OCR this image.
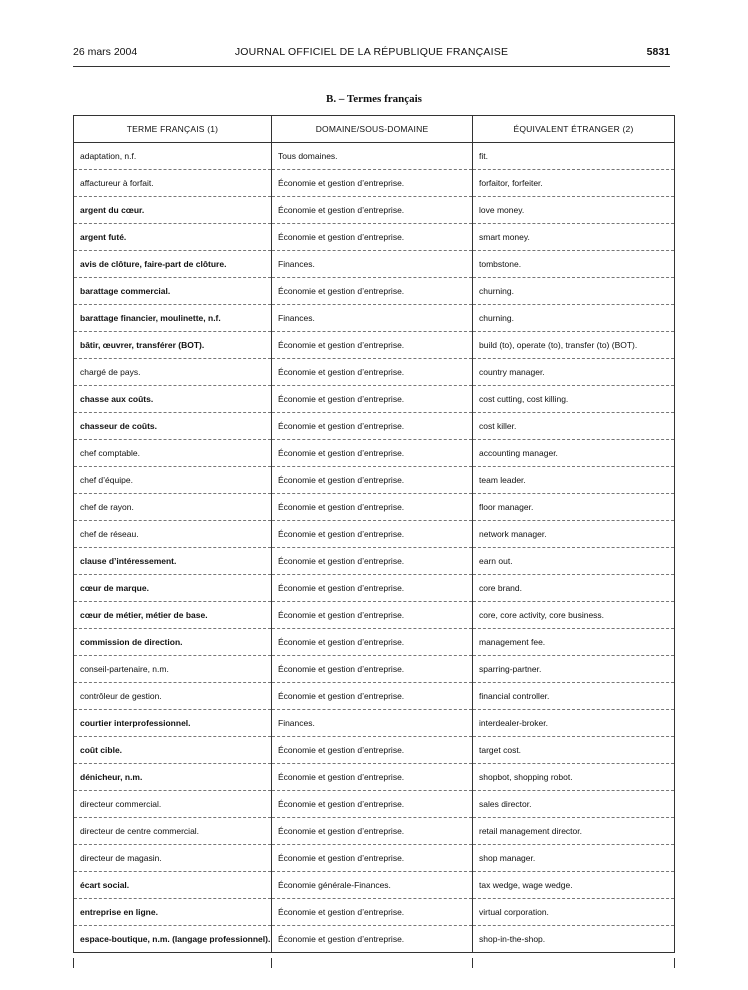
26 mars 2004	JOURNAL OFFICIEL DE LA RÉPUBLIQUE FRANÇAISE	5831
B. – Termes français
TERME FRANÇAIS (1)	DOMAINE/SOUS-DOMAINE	ÉQUIVALENT ÉTRANGER (2)
adaptation, n.f.	Tous domaines.	fit.
affactureur à forfait.	Économie et gestion d’entreprise.	forfaitor, forfeiter.
argent du cœur.	Économie et gestion d’entreprise.	love money.
argent futé.	Économie et gestion d’entreprise.	smart money.
avis de clôture, faire-part de clôture.	Finances.	tombstone.
barattage commercial.	Économie et gestion d’entreprise.	churning.
barattage financier, moulinette, n.f.	Finances.	churning.
bâtir, œuvrer, transférer (BOT).	Économie et gestion d’entreprise.	build (to), operate (to), transfer (to) (BOT).
chargé de pays.	Économie et gestion d’entreprise.	country manager.
chasse aux coûts.	Économie et gestion d’entreprise.	cost cutting, cost killing.
chasseur de coûts.	Économie et gestion d’entreprise.	cost killer.
chef comptable.	Économie et gestion d’entreprise.	accounting manager.
chef d’équipe.	Économie et gestion d’entreprise.	team leader.
chef de rayon.	Économie et gestion d’entreprise.	floor manager.
chef de réseau.	Économie et gestion d’entreprise.	network manager.
clause d’intéressement.	Économie et gestion d’entreprise.	earn out.
cœur de marque.	Économie et gestion d’entreprise.	core brand.
cœur de métier, métier de base.	Économie et gestion d’entreprise.	core, core activity, core business.
commission de direction.	Économie et gestion d’entreprise.	management fee.
conseil-partenaire, n.m.	Économie et gestion d’entreprise.	sparring-partner.
contrôleur de gestion.	Économie et gestion d’entreprise.	financial controller.
courtier interprofessionnel.	Finances.	interdealer-broker.
coût cible.	Économie et gestion d’entreprise.	target cost.
dénicheur, n.m.	Économie et gestion d’entreprise.	shopbot, shopping robot.
directeur commercial.	Économie et gestion d’entreprise.	sales director.
directeur de centre commercial.	Économie et gestion d’entreprise.	retail management director.
directeur de magasin.	Économie et gestion d’entreprise.	shop manager.
écart social.	Économie générale-Finances.	tax wedge, wage wedge.
entreprise en ligne.	Économie et gestion d’entreprise.	virtual corporation.
espace-boutique, n.m. (langage professionnel).	Économie et gestion d’entreprise.	shop-in-the-shop.
